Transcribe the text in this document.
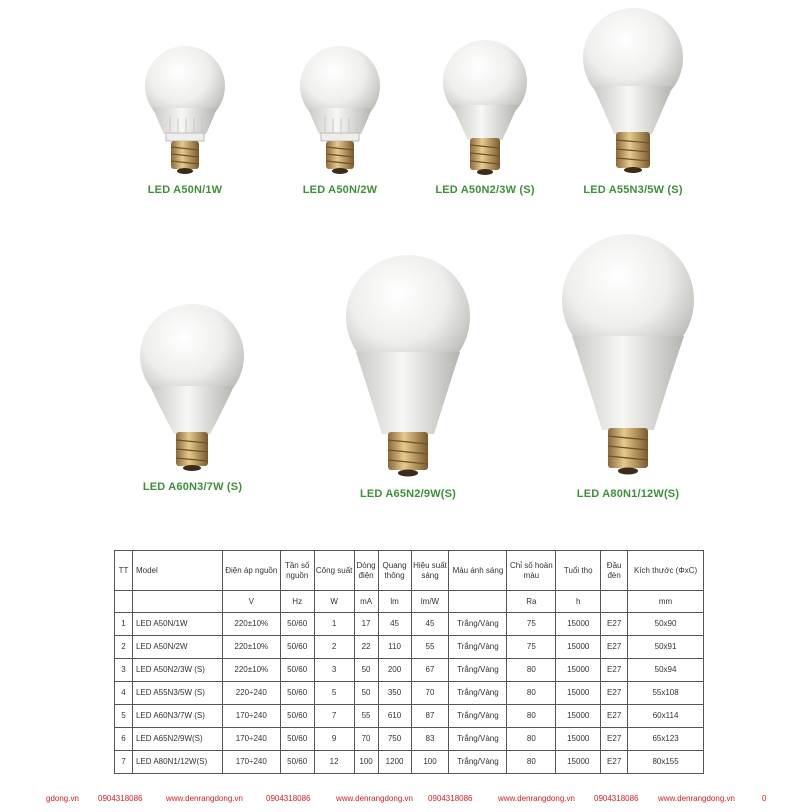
LED A50N/1W	LED A50N/2W	LED A50N2/3W (S)	LED A55N3/5W (S)
LED A60N3/7W (S)
LED A65N2/9W(S)	LED A80N1/12W(S)
TT	Model	Điện áp nguồn	Tần số nguồn	Công suất	Dòng điện	Quang thông	Hiệu suất sáng	Màu ánh sáng	Chỉ số hoàn màu	Tuổi thọ	Đầu đèn	Kích thước (ΦxC)
		V	Hz	W	mA	lm	lm/W		Ra	h		mm
1	LED A50N/1W	220±10%	50/60	1	17	45	45	Trắng/Vàng	75	15000	E27	50x90
2	LED A50N/2W	220±10%	50/60	2	22	110	55	Trắng/Vàng	75	15000	E27	50x91
3	LED A50N2/3W (S)	220±10%	50/60	3	50	200	67	Trắng/Vàng	80	15000	E27	50x94
4	LED A55N3/5W (S)	220÷240	50/60	5	50	350	70	Trắng/Vàng	80	15000	E27	55x108
5	LED A60N3/7W (S)	170÷240	50/60	7	55	610	87	Trắng/Vàng	80	15000	E27	60x114
6	LED A65N2/9W(S)	170÷240	50/60	9	70	750	83	Trắng/Vàng	80	15000	E27	65x123
7	LED A80N1/12W(S)	170÷240	50/60	12	100	1200	100	Trắng/Vàng	80	15000	E27	80x155
gdong.vn 0904318086	www.denrangdong.vn	0904318086	www.denrangdong.vn 0904318086	www.denrangdong.vn 0904318086 www.denrangdong.vn	0
